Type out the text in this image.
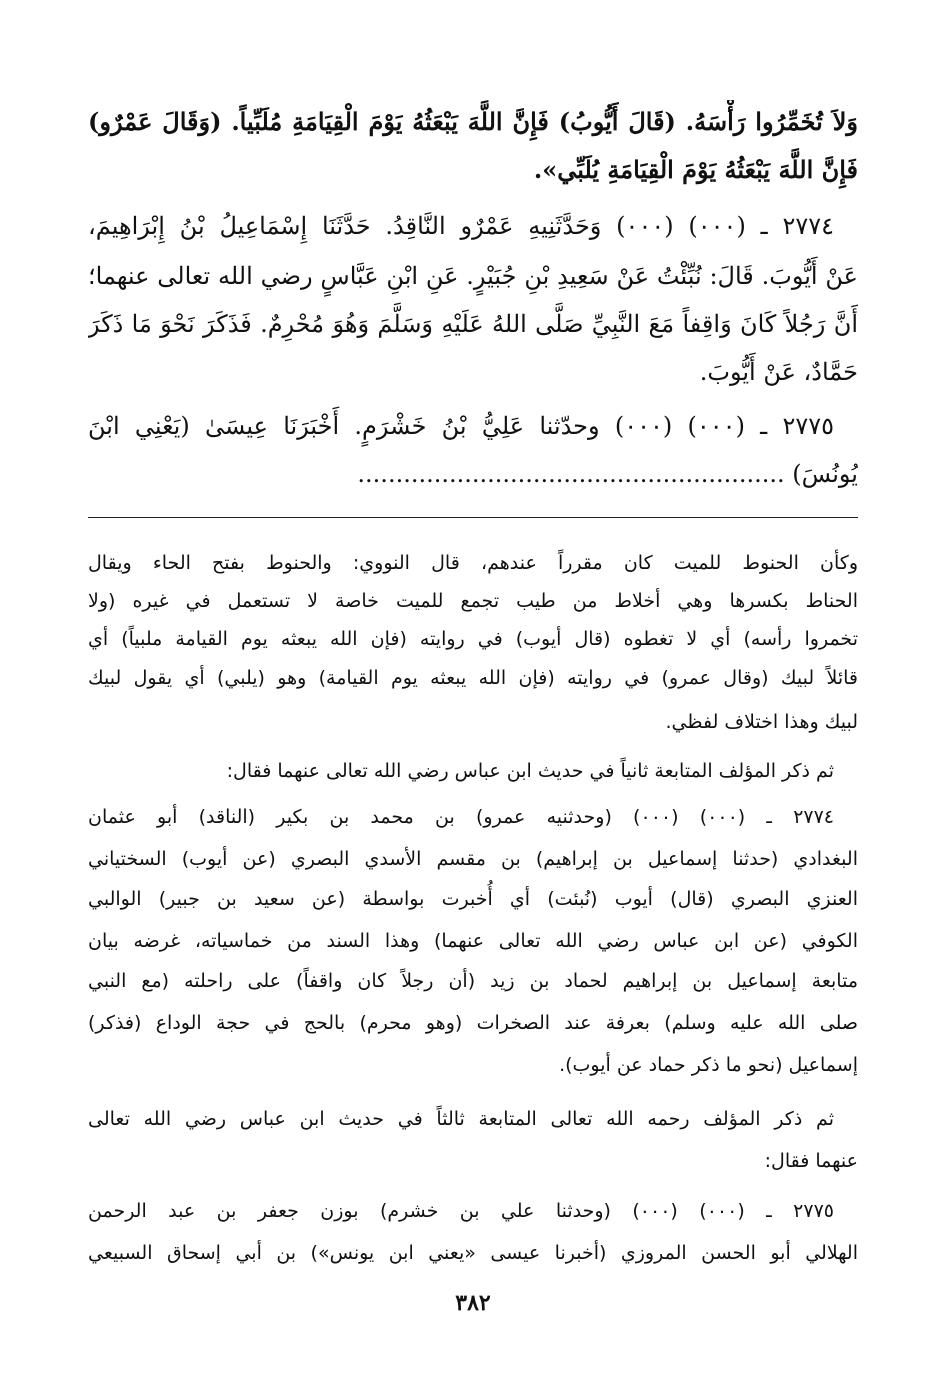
وَلاَ تُخَمِّرُوا رَأْسَهُ. (قَالَ أَيُّوبُ) فَإِنَّ اللَّهَ يَبْعَثُهُ يَوْمَ الْقِيَامَةِ مُلَبِّياً. (وَقَالَ عَمْرٌو)
فَإِنَّ اللَّهَ يَبْعَثُهُ يَوْمَ الْقِيَامَةِ يُلَبِّي».
٢٧٧٤ ـ (٠٠٠) (٠٠٠) وَحَدَّثَنِيهِ عَمْرٌو النَّاقِدُ. حَدَّثَنَا إِسْمَاعِيلُ بْنُ إِبْرَاهِيمَ،
عَنْ أَيُّوبَ. قَالَ: نُبِّئْتُ عَنْ سَعِيدِ بْنِ جُبَيْرٍ. عَنِ ابْنِ عَبَّاسٍ رضي الله تعالى عنهما؛
أَنَّ رَجُلاً كَانَ وَاقِفاً مَعَ النَّبِيِّ صَلَّى اللهُ عَلَيْهِ وَسَلَّمَ وَهُوَ مُحْرِمٌ. فَذَكَرَ نَحْوَ مَا ذَكَرَ
حَمَّادٌ، عَنْ أَيُّوبَ.
٢٧٧٥ ـ (٠٠٠) (٠٠٠) وحدّثنا عَلِيُّ بْنُ خَشْرَمٍ. أَخْبَرَنَا عِيسَىٰ (يَعْنِي ابْنَ
يُونُسَ) ........................................................
وكأن الحنوط للميت كان مقرراً عندهم، قال النووي: والحنوط بفتح الحاء ويقال
الحناط بكسرها وهي أخلاط من طيب تجمع للميت خاصة لا تستعمل في غيره (ولا
تخمروا رأسه) أي لا تغطوه (قال أيوب) في روايته (فإن الله يبعثه يوم القيامة ملبياً) أي
قائلاً لبيك (وقال عمرو) في روايته (فإن الله يبعثه يوم القيامة) وهو (يلبي) أي يقول لبيك
لبيك وهذا اختلاف لفظي.
ثم ذكر المؤلف المتابعة ثانياً في حديث ابن عباس رضي الله تعالى عنهما فقال:
٢٧٧٤ ـ (٠٠٠) (٠٠٠) (وحدثنيه عمرو) بن محمد بن بكير (الناقد) أبو عثمان
البغدادي (حدثنا إسماعيل بن إبراهيم) بن مقسم الأسدي البصري (عن أيوب) السختياني
العنزي البصري (قال) أيوب (نُبئت) أي أُخبرت بواسطة (عن سعيد بن جبير) الوالبي
الكوفي (عن ابن عباس رضي الله تعالى عنهما) وهذا السند من خماسياته، غرضه بيان
متابعة إسماعيل بن إبراهيم لحماد بن زيد (أن رجلاً كان واقفاً) على راحلته (مع النبي
صلى الله عليه وسلم) بعرفة عند الصخرات (وهو محرم) بالحج في حجة الوداع (فذكر)
إسماعيل (نحو ما ذكر حماد عن أيوب).
ثم ذكر المؤلف رحمه الله تعالى المتابعة ثالثاً في حديث ابن عباس رضي الله تعالى
عنهما فقال:
٢٧٧٥ ـ (٠٠٠) (٠٠٠) (وحدثنا علي بن خشرم) بوزن جعفر بن عبد الرحمن
الهلالي أبو الحسن المروزي (أخبرنا عيسى «يعني ابن يونس») بن أبي إسحاق السبيعي
٣٨٢
